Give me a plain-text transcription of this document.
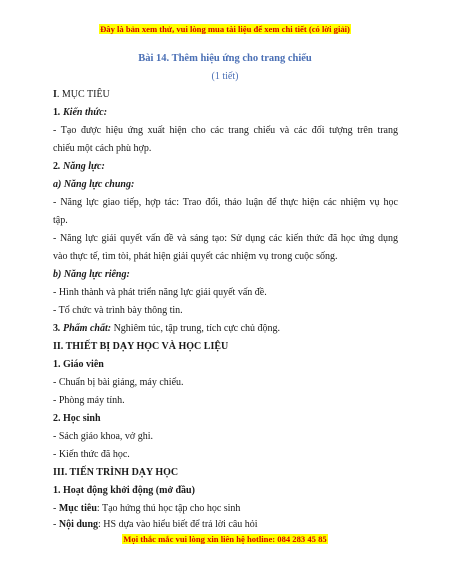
Đây là bản xem thử, vui lòng mua tài liệu để xem chi tiết (có lời giải)
Bài 14. Thêm hiệu ứng cho trang chiếu
(1 tiết)
I. MỤC TIÊU
1. Kiến thức:
- Tạo được hiệu ứng xuất hiện cho các trang chiếu và các đối tượng trên trang
chiếu một cách phù hợp.
2. Năng lực:
a) Năng lực chung:
- Năng lực giao tiếp, hợp tác: Trao đổi, thảo luận để thực hiện các nhiệm vụ học
tập.
- Năng lực giải quyết vấn đề và sáng tạo: Sử dụng các kiến thức đã học ứng dụng
vào thực tế, tìm tòi, phát hiện giải quyết các nhiệm vụ trong cuộc sống.
b) Năng lực riêng:
- Hình thành và phát triển năng lực giải quyết vấn đề.
- Tổ chức và trình bày thông tin.
3. Phẩm chất: Nghiêm túc, tập trung, tích cực chủ động.
II. THIẾT BỊ DẠY HỌC VÀ HỌC LIỆU
1. Giáo viên
- Chuẩn bị bài giảng, máy chiếu.
- Phòng máy tính.
2. Học sinh
- Sách giáo khoa, vở ghi.
- Kiến thức đã học.
III. TIẾN TRÌNH DẠY HỌC
1. Hoạt động khởi động (mở đầu)
- Mục tiêu: Tạo hứng thú học tập cho học sinh
- Nội dung: HS dựa vào hiểu biết để trả lời câu hỏi
Mọi thắc mắc vui lòng xin liên hệ hotline: 084 283 45 85
